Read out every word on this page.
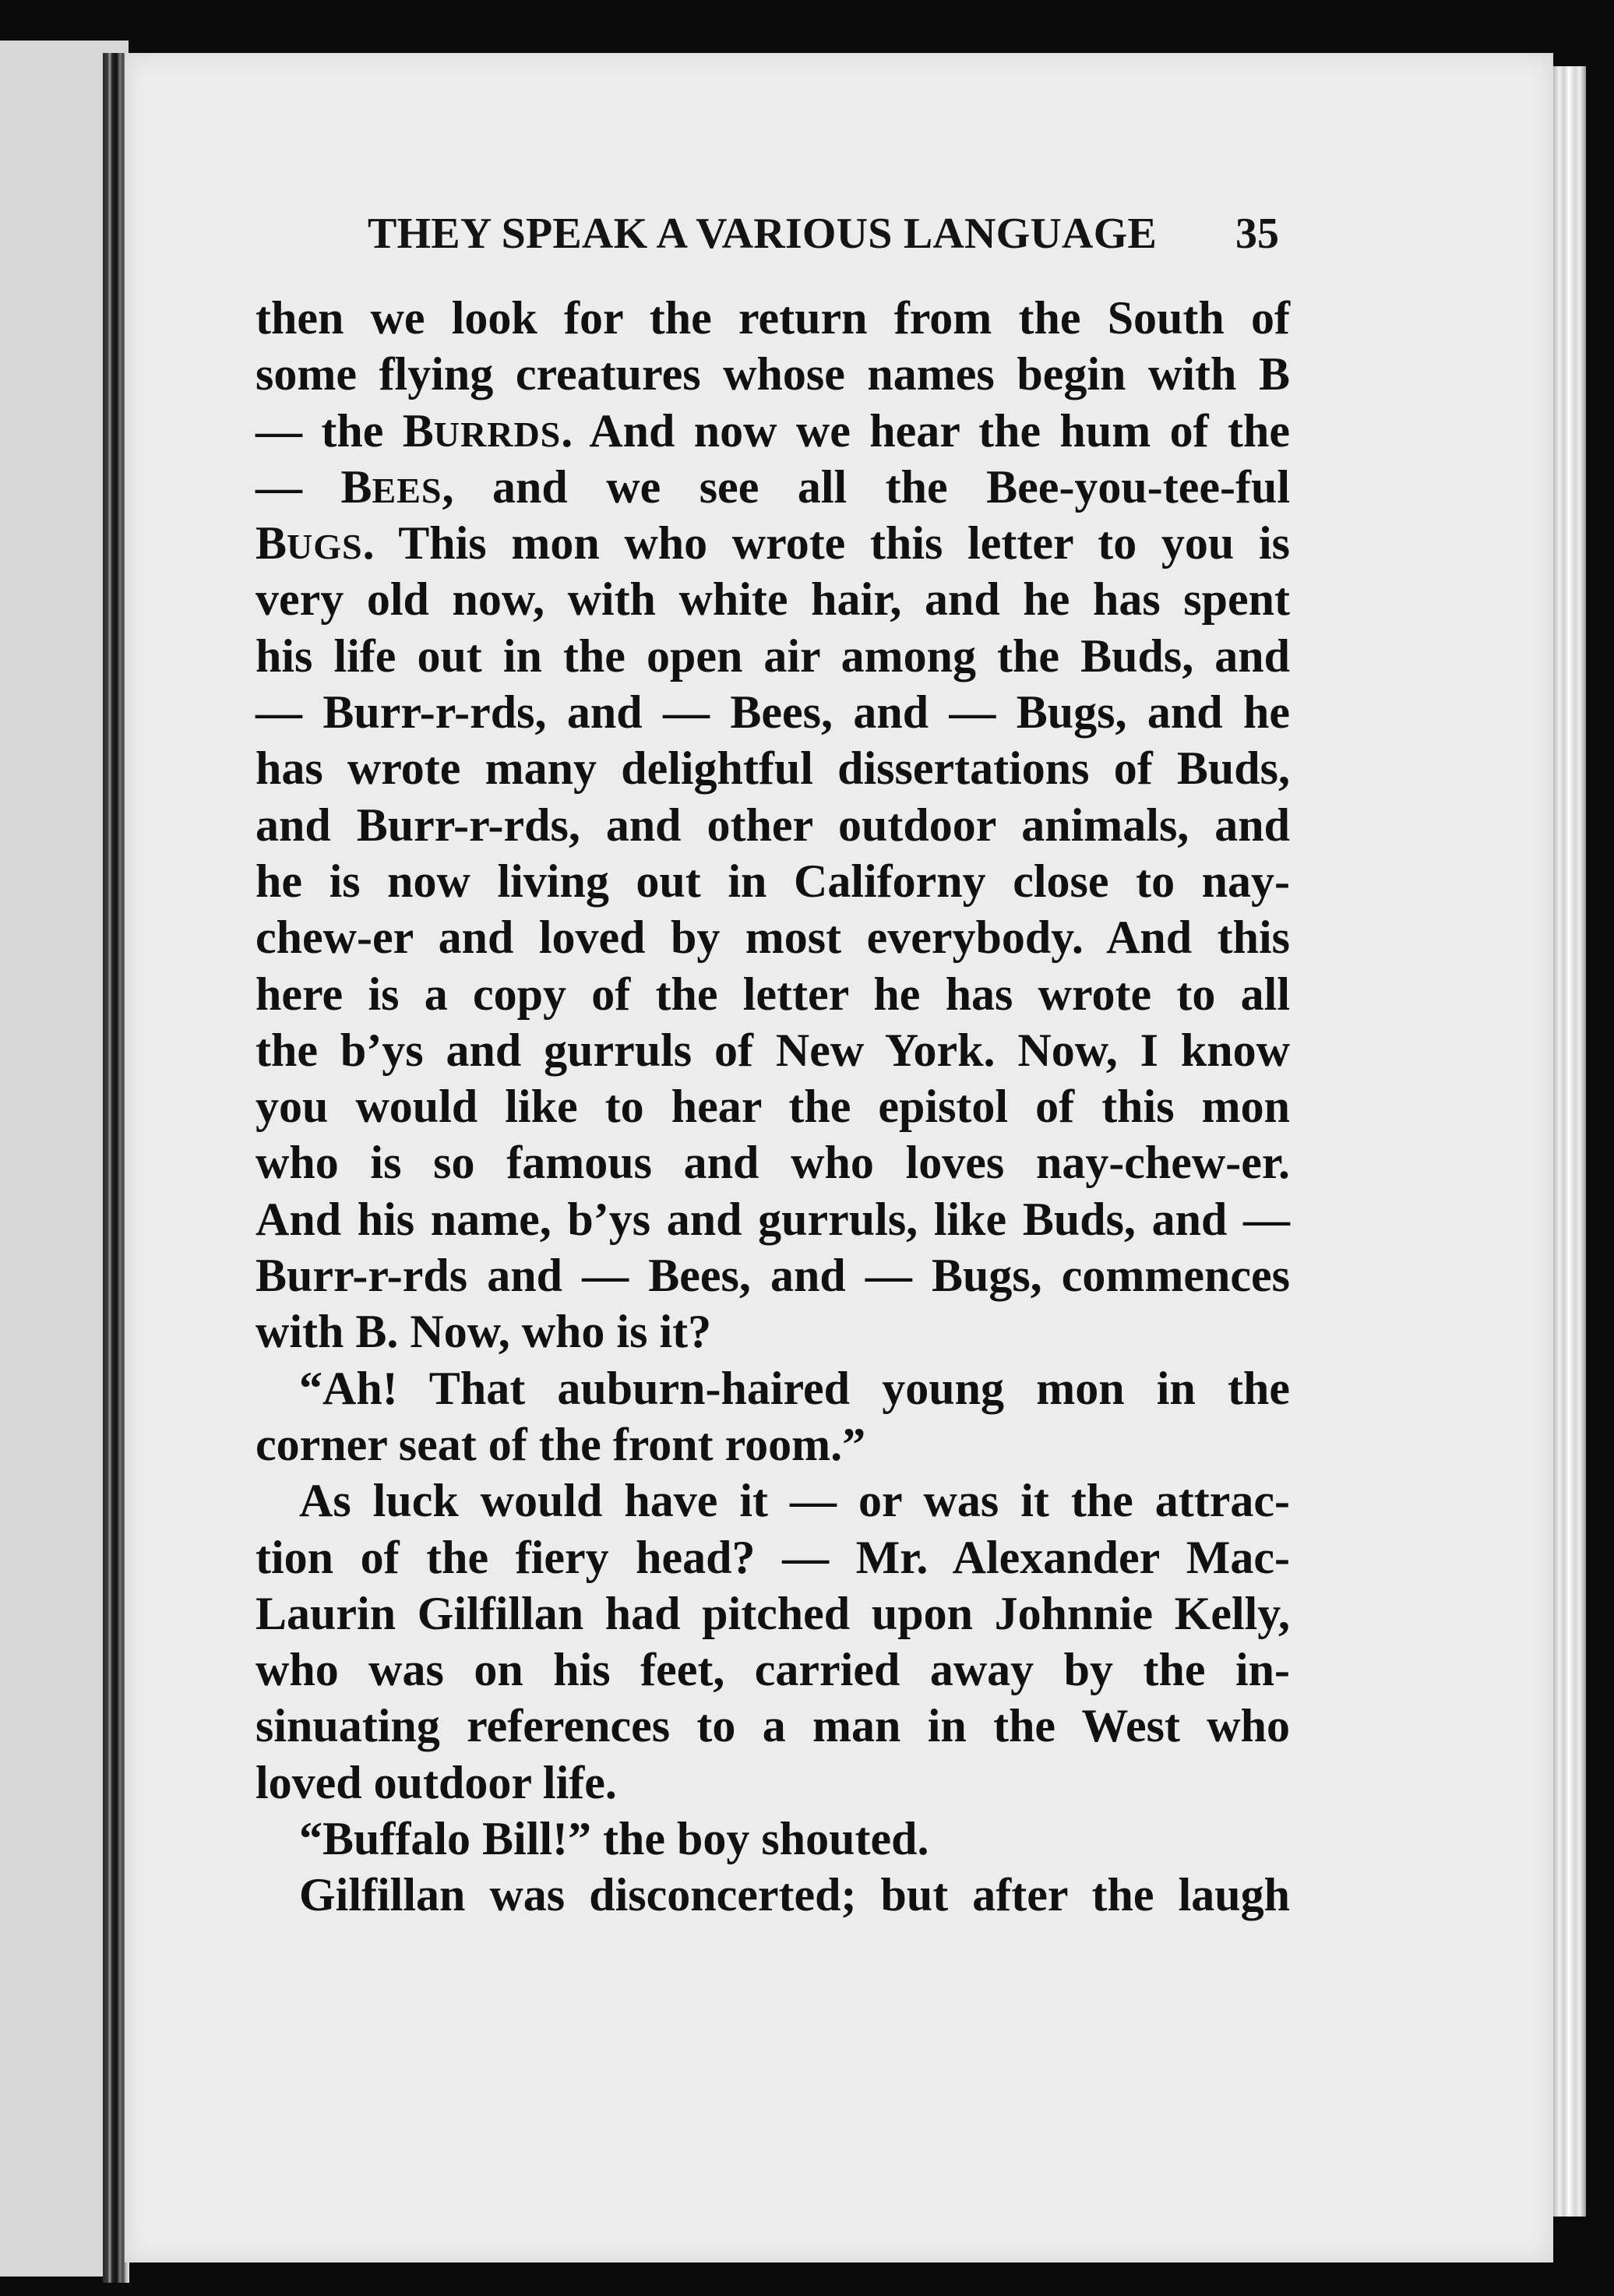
THEY SPEAK A VARIOUS LANGUAGE	35
then we look for the return from the South of
some flying creatures whose names begin with B
— the BURRDS. And now we hear the hum of the
— BEES, and we see all the Bee-you-tee-ful
BUGS. This mon who wrote this letter to you is
very old now, with white hair, and he has spent
his life out in the open air among the Buds, and
— Burr-r-rds, and — Bees, and — Bugs, and he
has wrote many delightful dissertations of Buds,
and Burr-r-rds, and other outdoor animals, and
he is now living out in Californy close to nay-
chew-er and loved by most everybody. And this
here is a copy of the letter he has wrote to all
the b’ys and gurruls of New York. Now, I know
you would like to hear the epistol of this mon
who is so famous and who loves nay-chew-er.
And his name, b’ys and gurruls, like Buds, and —
Burr-r-rds and — Bees, and — Bugs, commences
with B. Now, who is it?
“Ah! That auburn-haired young mon in the
corner seat of the front room.”
As luck would have it — or was it the attrac-
tion of the fiery head? — Mr. Alexander Mac-
Laurin Gilfillan had pitched upon Johnnie Kelly,
who was on his feet, carried away by the in-
sinuating references to a man in the West who
loved outdoor life.
“Buffalo Bill!” the boy shouted.
Gilfillan was disconcerted; but after the laugh
